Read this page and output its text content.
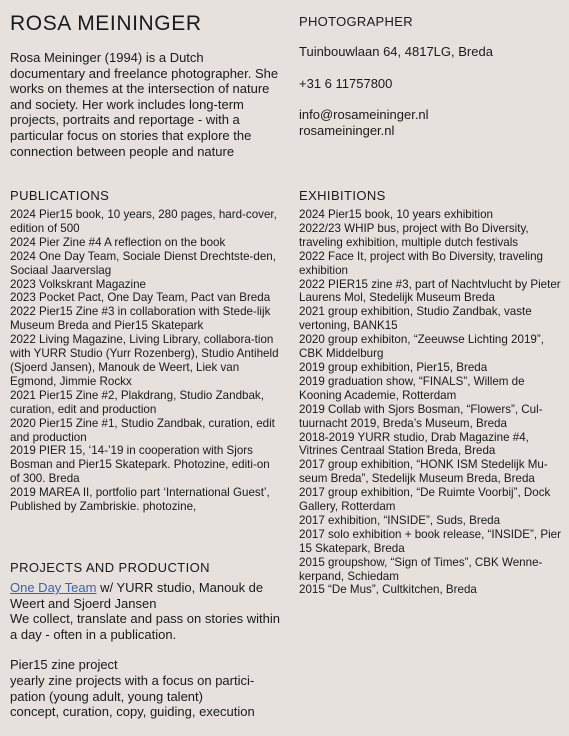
ROSA MEININGER
Rosa Meininger (1994) is a Dutch documentary and freelance photographer. She works on themes at the intersection of nature and society. Her work includes long-term projects, portraits and reportage - with a particular focus on stories that explore the connection between people and nature
PHOTOGRAPHER
Tuinbouwlaan 64, 4817LG, Breda
+31 6 11757800
info@rosameininger.nl
rosameininger.nl
PUBLICATIONS
2024 Pier15 book, 10 years, 280 pages, hard-cover, edition of 500
2024 Pier Zine #4 A reflection on the book
2024 One Day Team, Sociale Dienst Drechtste-den, Sociaal Jaarverslag
2023 Volkskrant Magazine
2023 Pocket Pact, One Day Team, Pact van Breda
2022 Pier15 Zine #3 in collaboration with Stede-lijk Museum Breda and Pier15 Skatepark
2022 Living Magazine, Living Library, collabora-tion with YURR Studio (Yurr Rozenberg), Studio Antiheld (Sjoerd Jansen), Manouk de Weert, Liek van Egmond, Jimmie Rockx
2021 Pier15 Zine #2, Plakdrang, Studio Zandbak, curation, edit and production
2020 Pier15 Zine #1, Studio Zandbak, curation, edit and production
2019 PIER 15, ‘14-’19 in cooperation with Sjors Bosman and Pier15 Skatepark. Photozine, editi-on of 300. Breda
2019 MAREA II, portfolio part ‘International Guest’, Published by Zambriskie. photozine,
EXHIBITIONS
2024 Pier15 book, 10 years exhibition
2022/23 WHIP bus, project with Bo Diversity, traveling exhibition, multiple dutch festivals
2022 Face It, project with Bo Diversity, traveling exhibition
2022 PIER15 zine #3, part of Nachtvlucht by Pieter Laurens Mol, Stedelijk Museum Breda
2021 group exhibition, Studio Zandbak, vaste vertoning, BANK15
2020 group exhibiton, “Zeeuwse Lichting 2019”, CBK Middelburg
2019 group exhibition, Pier15, Breda
2019 graduation show, “FINALS”, Willem de Kooning Academie, Rotterdam
2019 Collab with Sjors Bosman, “Flowers”, Cul-tuurnacht 2019, Breda’s Museum, Breda
2018-2019 YURR studio, Drab Magazine #4, Vitrines Centraal Station Breda, Breda
2017 group exhibition, “HONK ISM Stedelijk Mu-seum Breda”, Stedelijk Museum Breda, Breda
2017 group exhibition, “De Ruimte Voorbij”, Dock Gallery, Rotterdam
2017 exhibition, “INSIDE”, Suds, Breda
2017 solo exhibition + book release, “INSIDE”, Pier 15 Skatepark, Breda
2015 groupshow, “Sign of Times”, CBK Wenne-kerpand, Schiedam
2015 “De Mus”, Cultkitchen, Breda
PROJECTS AND PRODUCTION
One Day Team w/ YURR studio, Manouk de Weert and Sjoerd Jansen
We collect, translate and pass on stories within a day - often in a publication.
Pier15 zine project
yearly zine projects with a focus on partici-pation (young adult, young talent)
concept, curation, copy, guiding, execution
